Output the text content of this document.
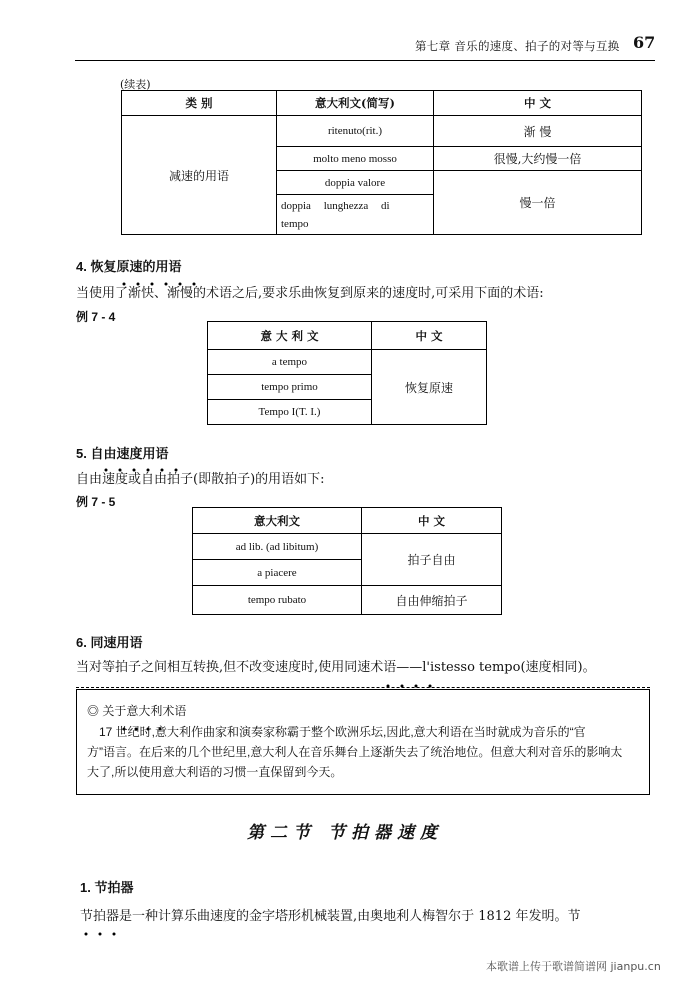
第七章 音乐的速度、拍子的对等与互换 67
(续表)
类 别	意大利文(简写)	中 文
减速的用语	ritenuto(rit.)	渐 慢
	molto meno mosso	很慢,大约慢一倍
	doppia valore	慢一倍
	doppia lunghezza di tempo	
4. 恢复原速的用语
当使用了渐快、渐慢的术语之后,要求乐曲恢复到原来的速度时,可采用下面的术语:
例 7 - 4
意 大 利 文	中 文
a tempo	恢复原速
tempo primo	
Tempo I(T. I.)	
5. 自由速度用语
自由速度或自由拍子(即散拍子)的用语如下:
例 7 - 5
意大利文	中 文
ad lib. (ad libitum)	拍子自由
a piacere	
tempo rubato	自由伸缩拍子
6. 同速用语
当对等拍子之间相互转换,但不改变速度时,使用同速术语——l'istesso tempo(速度相同)。
◎ 关于意大利术语
17 世纪时,意大利作曲家和演奏家称霸于整个欧洲乐坛,因此,意大利语在当时就成为音乐的“官
方”语言。在后来的几个世纪里,意大利人在音乐舞台上逐渐失去了统治地位。但意大利对音乐的影响太
大了,所以使用意大利语的习惯一直保留到今天。
第二节 节拍器速度
1. 节拍器
节拍器是一种计算乐曲速度的金字塔形机械装置,由奥地利人梅智尔于 1812 年发明。节
本歌谱上传于歌谱简谱网 jianpu.cn
